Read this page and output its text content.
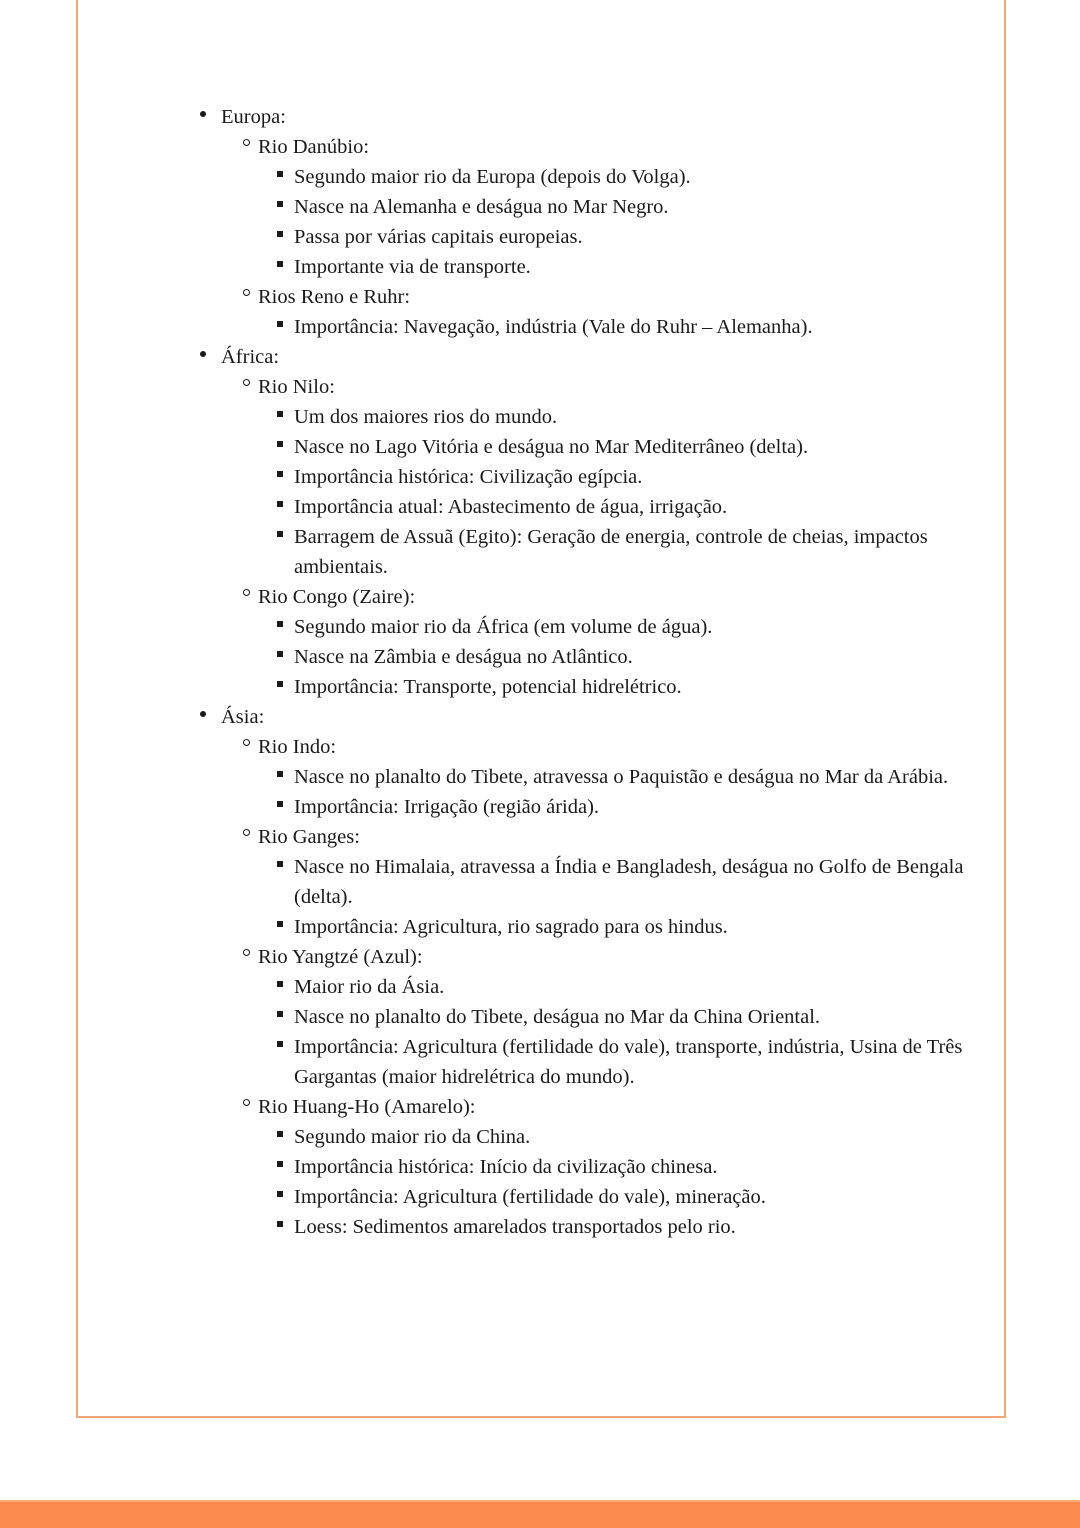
Europa:
Rio Danúbio:
Segundo maior rio da Europa (depois do Volga).
Nasce na Alemanha e deságua no Mar Negro.
Passa por várias capitais europeias.
Importante via de transporte.
Rios Reno e Ruhr:
Importância: Navegação, indústria (Vale do Ruhr – Alemanha).
África:
Rio Nilo:
Um dos maiores rios do mundo.
Nasce no Lago Vitória e deságua no Mar Mediterrâneo (delta).
Importância histórica: Civilização egípcia.
Importância atual: Abastecimento de água, irrigação.
Barragem de Assuã (Egito): Geração de energia, controle de cheias, impactos ambientais.
Rio Congo (Zaire):
Segundo maior rio da África (em volume de água).
Nasce na Zâmbia e deságua no Atlântico.
Importância: Transporte, potencial hidrelétrico.
Ásia:
Rio Indo:
Nasce no planalto do Tibete, atravessa o Paquistão e deságua no Mar da Arábia.
Importância: Irrigação (região árida).
Rio Ganges:
Nasce no Himalaia, atravessa a Índia e Bangladesh, deságua no Golfo de Bengala (delta).
Importância: Agricultura, rio sagrado para os hindus.
Rio Yangtzé (Azul):
Maior rio da Ásia.
Nasce no planalto do Tibete, deságua no Mar da China Oriental.
Importância: Agricultura (fertilidade do vale), transporte, indústria, Usina de Três Gargantas (maior hidrelétrica do mundo).
Rio Huang-Ho (Amarelo):
Segundo maior rio da China.
Importância histórica: Início da civilização chinesa.
Importância: Agricultura (fertilidade do vale), mineração.
Loess: Sedimentos amarelados transportados pelo rio.
